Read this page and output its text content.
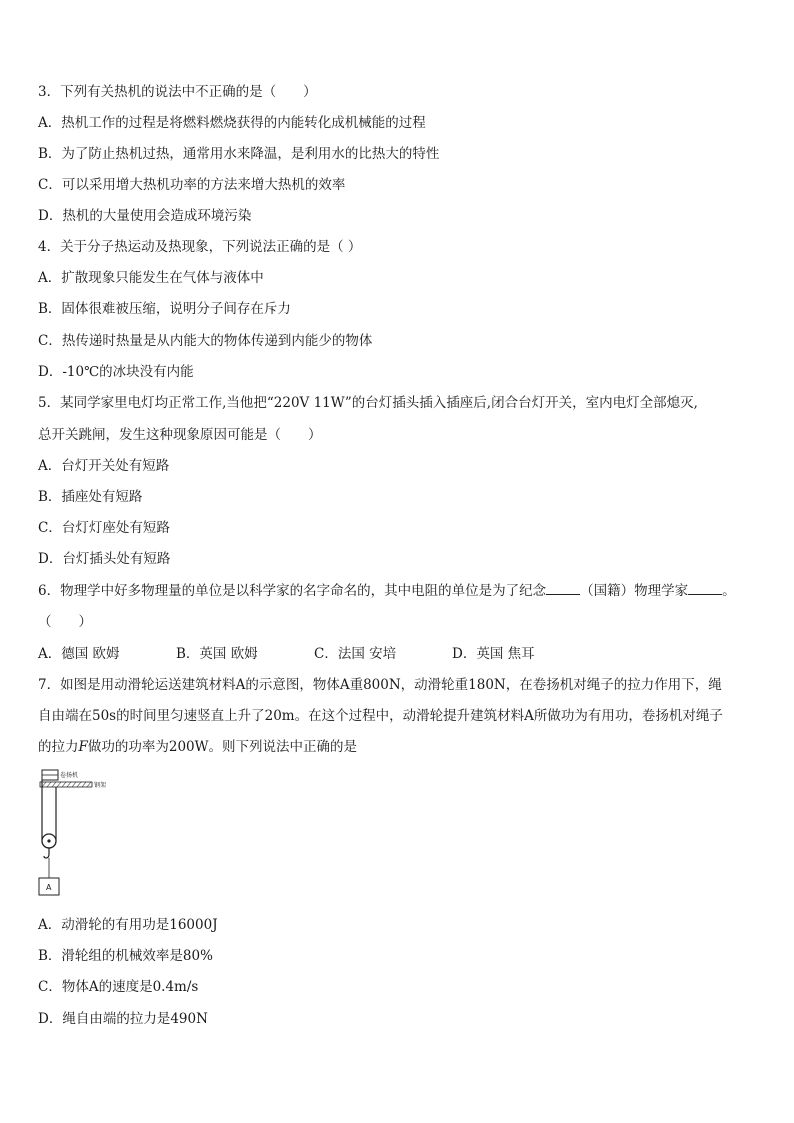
3．下列有关热机的说法中不正确的是（　　）
A．热机工作的过程是将燃料燃烧获得的内能转化成机械能的过程
B．为了防止热机过热，通常用水来降温，是利用水的比热大的特性
C．可以采用增大热机功率的方法来增大热机的效率
D．热机的大量使用会造成环境污染
4．关于分子热运动及热现象，下列说法正确的是（ ）
A．扩散现象只能发生在气体与液体中
B．固体很难被压缩，说明分子间存在斥力
C．热传递时热量是从内能大的物体传递到内能少的物体
D．-10℃的冰块没有内能
5．某同学家里电灯均正常工作,当他把“220V 11W”的台灯插头插入插座后,闭合台灯开关，室内电灯全部熄灭,
总开关跳闸，发生这种现象原因可能是（　　）
A．台灯开关处有短路
B．插座处有短路
C．台灯灯座处有短路
D．台灯插头处有短路
6．物理学中好多物理量的单位是以科学家的名字命名的，其中电阻的单位是为了纪念	（国籍）物理学家	。
（　　）
A．德国 欧姆	B．英国 欧姆	C．法国 安培	D．英国 焦耳
7．如图是用动滑轮运送建筑材料A的示意图，物体A重800N，动滑轮重180N，在卷扬机对绳子的拉力作用下，绳
自由端在50s的时间里匀速竖直上升了20m。在这个过程中，动滑轮提升建筑材料A所做功为有用功，卷扬机对绳子
的拉力F做功的功率为200W。则下列说法中正确的是
卷扬机
钢架
A
A．动滑轮的有用功是16000J
B．滑轮组的机械效率是80%
C．物体A的速度是0.4m/s
D．绳自由端的拉力是490N
